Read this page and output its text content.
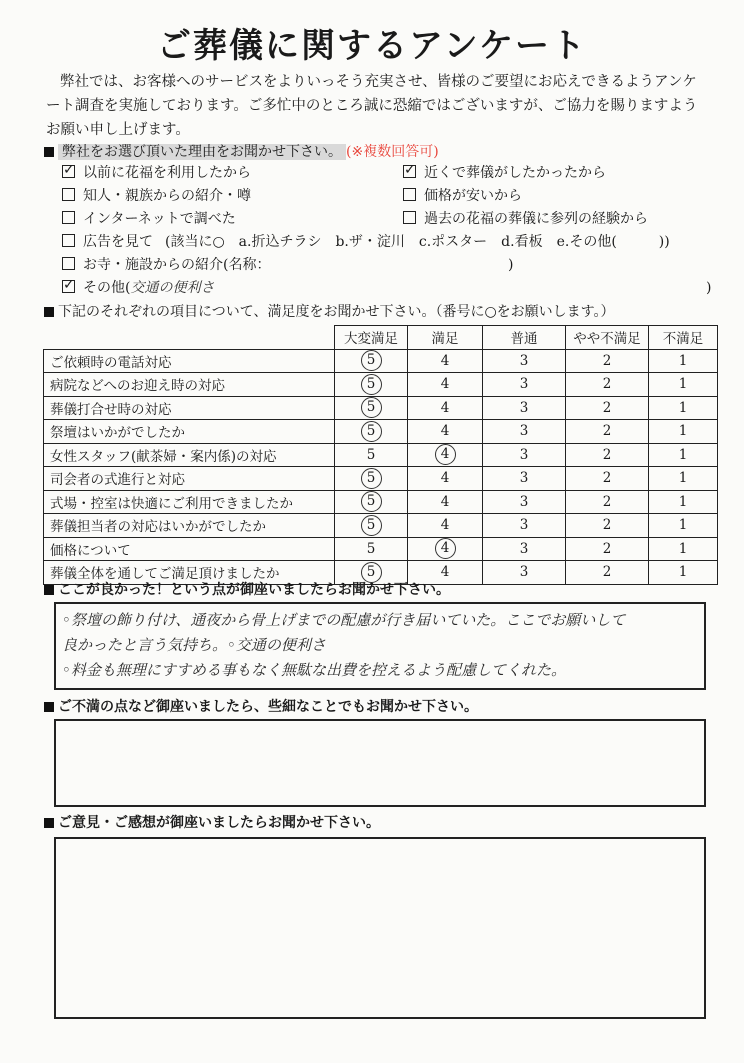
ご葬儀に関するアンケート
弊社では、お客様へのサービスをよりいっそう充実させ、皆様のご要望にお応えできるようアンケート調査を実施しております。ご多忙中のところ誠に恐縮ではございますが、ご協力を賜りますようお願い申し上げます。
弊社をお選び頂いた理由をお聞かせ下さい。 (※複数回答可)
✓以前に花福を利用したから
知人・親族からの紹介・噂
インターネットで調べた
✓近くで葬儀がしたかったから
価格が安いから
過去の花福の葬儀に参列の経験から
広告を見て (該当に○　a.折込チラシ　b.ザ・淀川　c.ポスター　d.看板　e.その他(　　　))
お寺・施設からの紹介(名称：	)
✓その他(交通の便利さ	)
下記のそれぞれの項目について、満足度をお聞かせ下さい。（番号に○をお願いします。）
	大変満足	満足	普通	やや不満足	不満足
ご依頼時の電話対応	5	4	3	2	1
病院などへのお迎え時の対応	5	4	3	2	1
葬儀打合せ時の対応	5	4	3	2	1
祭壇はいかがでしたか	5	4	3	2	1
女性スタッフ(献茶婦・案内係)の対応	5	4	3	2	1
司会者の式進行と対応	5	4	3	2	1
式場・控室は快適にご利用できましたか	5	4	3	2	1
葬儀担当者の対応はいかがでしたか	5	4	3	2	1
価格について	5	4	3	2	1
葬儀全体を通してご満足頂けましたか	5	4	3	2	1
ここが良かった！という点が御座いましたらお聞かせ下さい。
◦祭壇の飾り付け、通夜から骨上げまでの配慮が行き届いていた。ここでお願いして
良かったと言う気持ち。◦交通の便利さ
◦料金も無理にすすめる事もなく無駄な出費を控えるよう配慮してくれた。
ご不満の点など御座いましたら、些細なことでもお聞かせ下さい。
ご意見・ご感想が御座いましたらお聞かせ下さい。
